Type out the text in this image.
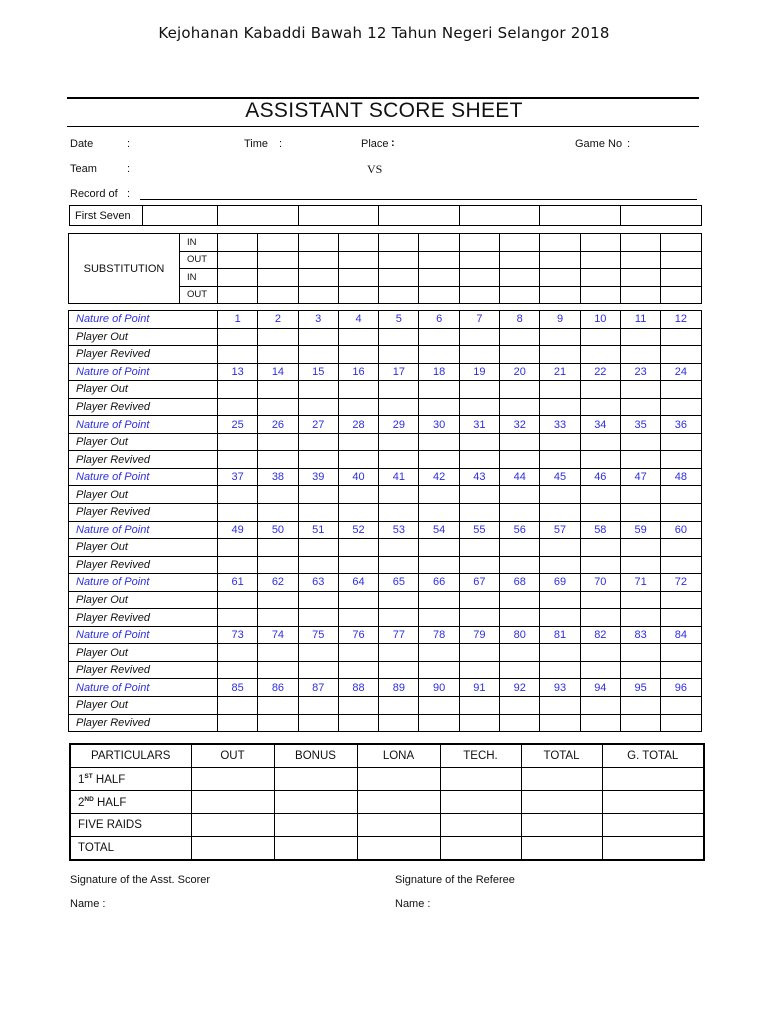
Kejohanan Kabaddi Bawah 12 Tahun Negeri Selangor 2018
ASSISTANT SCORE SHEET
Date	:	Time :	Place :	Game No :
Team	:	VS
Record of :
First Seven							
SUBSTITUTION	IN												
	OUT												
	IN												
	OUT												
Nature of Point	1	2	3	4	5	6	7	8	9	10	11	12
Player Out												
Player Revived												
Nature of Point	13	14	15	16	17	18	19	20	21	22	23	24
Player Out												
Player Revived												
Nature of Point	25	26	27	28	29	30	31	32	33	34	35	36
Player Out												
Player Revived												
Nature of Point	37	38	39	40	41	42	43	44	45	46	47	48
Player Out												
Player Revived												
Nature of Point	49	50	51	52	53	54	55	56	57	58	59	60
Player Out												
Player Revived												
Nature of Point	61	62	63	64	65	66	67	68	69	70	71	72
Player Out												
Player Revived												
Nature of Point	73	74	75	76	77	78	79	80	81	82	83	84
Player Out												
Player Revived												
Nature of Point	85	86	87	88	89	90	91	92	93	94	95	96
Player Out												
Player Revived												
PARTICULARS	OUT	BONUS	LONA	TECH.	TOTAL	G. TOTAL
1ST HALF						
2ND HALF						
FIVE RAIDS						
TOTAL						
Signature of the Asst. Scorer	Signature of the Referee
Name :	Name :
